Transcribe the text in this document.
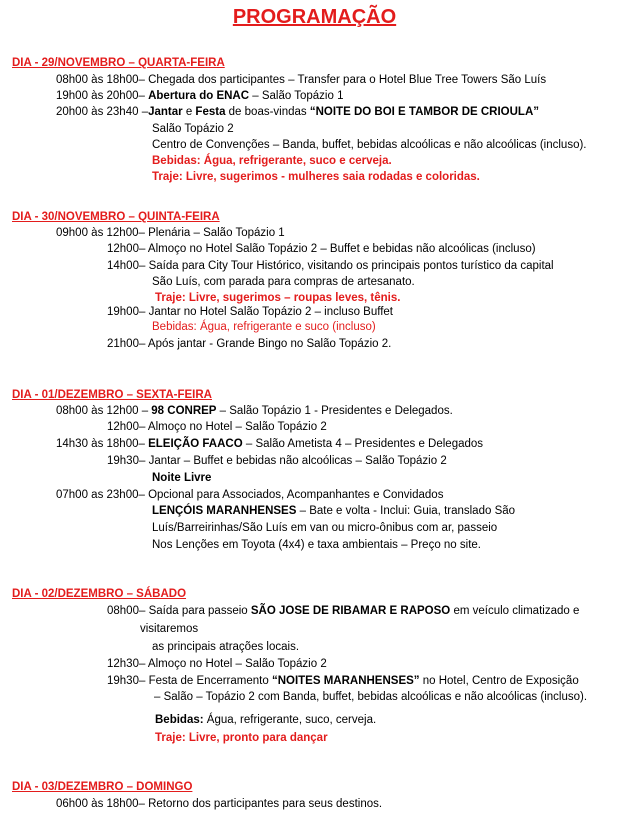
PROGRAMAÇÃO
DIA - 29/NOVEMBRO – QUARTA-FEIRA
08h00 às 18h00– Chegada dos participantes – Transfer para o Hotel Blue Tree Towers São Luís
19h00 às 20h00– Abertura do ENAC – Salão Topázio 1
20h00 às 23h40 –Jantar e Festa de boas-vindas “NOITE DO BOI E TAMBOR DE CRIOULA”
Salão Topázio 2
Centro de Convenções – Banda, buffet, bebidas alcoólicas e não alcoólicas (incluso).
Bebidas: Água, refrigerante, suco e cerveja.
Traje: Livre, sugerimos - mulheres saia rodadas e coloridas.
DIA - 30/NOVEMBRO – QUINTA-FEIRA
09h00 às 12h00– Plenária – Salão Topázio 1
12h00– Almoço no Hotel Salão Topázio 2 – Buffet e bebidas não alcoólicas (incluso)
14h00– Saída para City Tour Histórico, visitando os principais pontos turístico da capital
São Luís, com parada para compras de artesanato.
Traje: Livre, sugerimos – roupas leves, tênis.
19h00– Jantar no Hotel Salão Topázio 2 – incluso Buffet
Bebidas: Água, refrigerante e suco (incluso)
21h00– Após jantar - Grande Bingo no Salão Topázio 2.
DIA - 01/DEZEMBRO – SEXTA-FEIRA
08h00 às 12h00 – 98 CONREP – Salão Topázio 1 - Presidentes e Delegados.
12h00– Almoço no Hotel – Salão Topázio 2
14h30 às 18h00– ELEIÇÃO FAACO – Salão Ametista 4 – Presidentes e Delegados
19h30– Jantar – Buffet e bebidas não alcoólicas – Salão Topázio 2
Noite Livre
07h00 as 23h00– Opcional para Associados, Acompanhantes e Convidados
LENÇÓIS MARANHENSES – Bate e volta - Inclui: Guia, translado São
Luís/Barreirinhas/São Luís em van ou micro-ônibus com ar, passeio
Nos Lenções em Toyota (4x4) e taxa ambientais – Preço no site.
DIA - 02/DEZEMBRO – SÁBADO
08h00– Saída para passeio SÃO JOSE DE RIBAMAR E RAPOSO em veículo climatizado e
visitaremos
as principais atrações locais.
12h30– Almoço no Hotel – Salão Topázio 2
19h30– Festa de Encerramento “NOITES MARANHENSES” no Hotel, Centro de Exposição
– Salão – Topázio 2 com Banda, buffet, bebidas alcoólicas e não alcoólicas (incluso).
Bebidas: Água, refrigerante, suco, cerveja.
Traje: Livre, pronto para dançar
DIA - 03/DEZEMBRO – DOMINGO
06h00 às 18h00– Retorno dos participantes para seus destinos.
